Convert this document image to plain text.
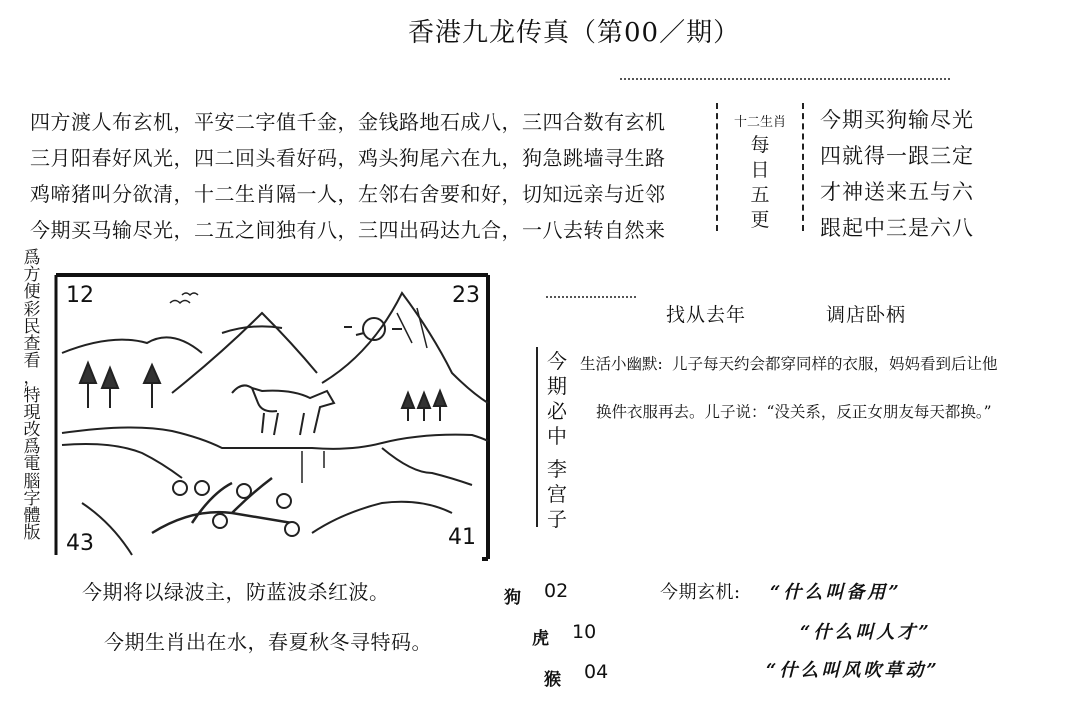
香港九龙传真（第00／期）
四方渡人布玄机，平安二字值千金，金钱路地石成八，三四合数有玄机
三月阳春好风光，四二回头看好码，鸡头狗尾六在九，狗急跳墙寻生路
鸡啼猪叫分欲清，十二生肖隔一人，左邻右舍要和好，切知远亲与近邻
今期买马输尽光，二五之间独有八，三四出码达九合，一八去转自然来
十二生肖
每
日
五
更
今期买狗输尽光
四就得一跟三定
才神送来五与六
跟起中三是六八
爲
方
便
彩
民
查
看
，
特
現
改
爲
電
腦
字
體
版
12	23
43	41
今
期
必
中
李
宫
子
找从去年	调店卧柄
生活小幽默: 儿子每天约会都穿同样的衣服，妈妈看到后让他
换件衣服再去。儿子说：“没关系，反正女朋友每天都换。”
今期将以绿波主，防蓝波杀红波。
今期生肖出在水，春夏秋冬寻特码。
狗 02
虎 10
猴 04
今期玄机: “什么叫备用”
“什么叫人才”
“什么叫风吹草动”
